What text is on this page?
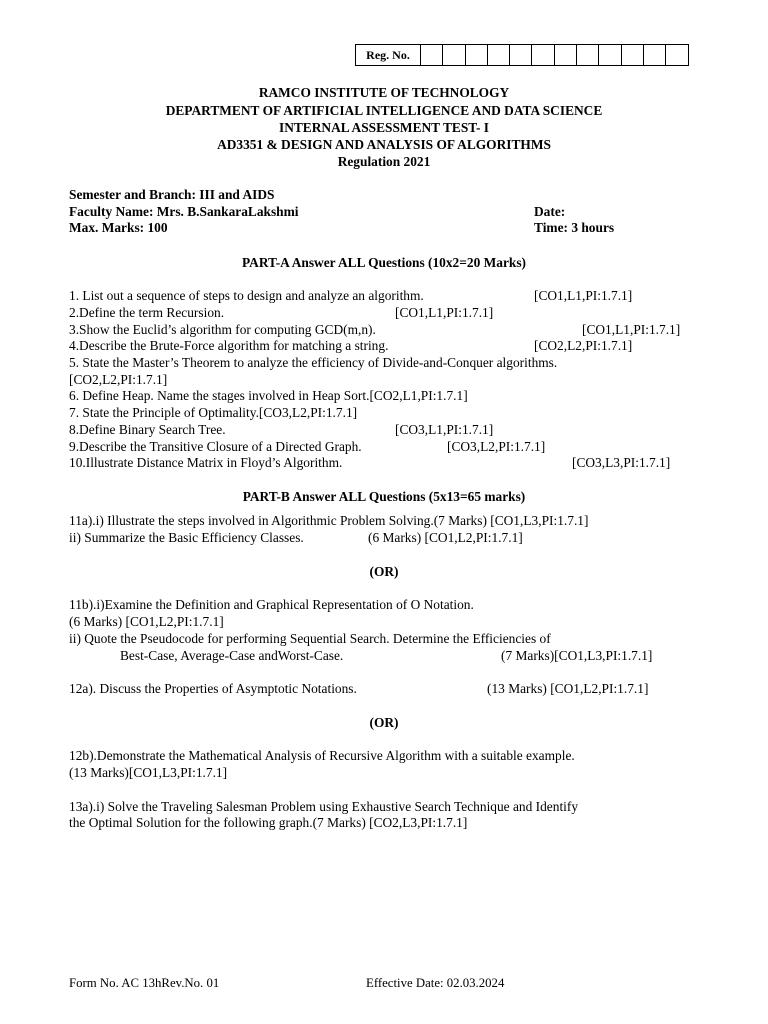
Reg. No.												
RAMCO INSTITUTE OF TECHNOLOGY
DEPARTMENT OF ARTIFICIAL INTELLIGENCE AND DATA SCIENCE
INTERNAL ASSESSMENT TEST- I
AD3351 & DESIGN AND ANALYSIS OF ALGORITHMS
Regulation 2021
Semester and Branch: III and AIDS
Faculty Name: Mrs. B.SankaraLakshmi	Date:
Max. Marks: 100	Time: 3 hours
PART-A Answer ALL Questions (10x2=20 Marks)
1. List out a sequence of steps to design and analyze an algorithm.	[CO1,L1,PI:1.7.1]
2.Define the term Recursion.	[CO1,L1,PI:1.7.1]
3.Show the Euclid’s algorithm for computing GCD(m,n).	[CO1,L1,PI:1.7.1]
4.Describe the Brute-Force algorithm for matching a string.	[CO2,L2,PI:1.7.1]
5. State the Master’s Theorem to analyze the efficiency of Divide-and-Conquer algorithms.
[CO2,L2,PI:1.7.1]
6. Define Heap. Name the stages involved in Heap Sort.[CO2,L1,PI:1.7.1]
7. State the Principle of Optimality.[CO3,L2,PI:1.7.1]
8.Define Binary Search Tree.	[CO3,L1,PI:1.7.1]
9.Describe the Transitive Closure of a Directed Graph.	[CO3,L2,PI:1.7.1]
10.Illustrate Distance Matrix in Floyd’s Algorithm.	[CO3,L3,PI:1.7.1]
PART-B Answer ALL Questions (5x13=65 marks)
11a).i) Illustrate the steps involved in Algorithmic Problem Solving.(7 Marks) [CO1,L3,PI:1.7.1]
ii) Summarize the Basic Efficiency Classes.	(6 Marks) [CO1,L2,PI:1.7.1]
(OR)
11b).i)Examine the Definition and Graphical Representation of O Notation.
(6 Marks) [CO1,L2,PI:1.7.1]
ii) Quote the Pseudocode for performing Sequential Search. Determine the Efficiencies of
Best-Case, Average-Case andWorst-Case.	(7 Marks)[CO1,L3,PI:1.7.1]
12a). Discuss the Properties of Asymptotic Notations.	(13 Marks) [CO1,L2,PI:1.7.1]
(OR)
12b).Demonstrate the Mathematical Analysis of Recursive Algorithm with a suitable example.
(13 Marks)[CO1,L3,PI:1.7.1]
13a).i) Solve the Traveling Salesman Problem using Exhaustive Search Technique and Identify
the Optimal Solution for the following graph.(7 Marks) [CO2,L3,PI:1.7.1]
Form No. AC 13hRev.No. 01	Effective Date: 02.03.2024
